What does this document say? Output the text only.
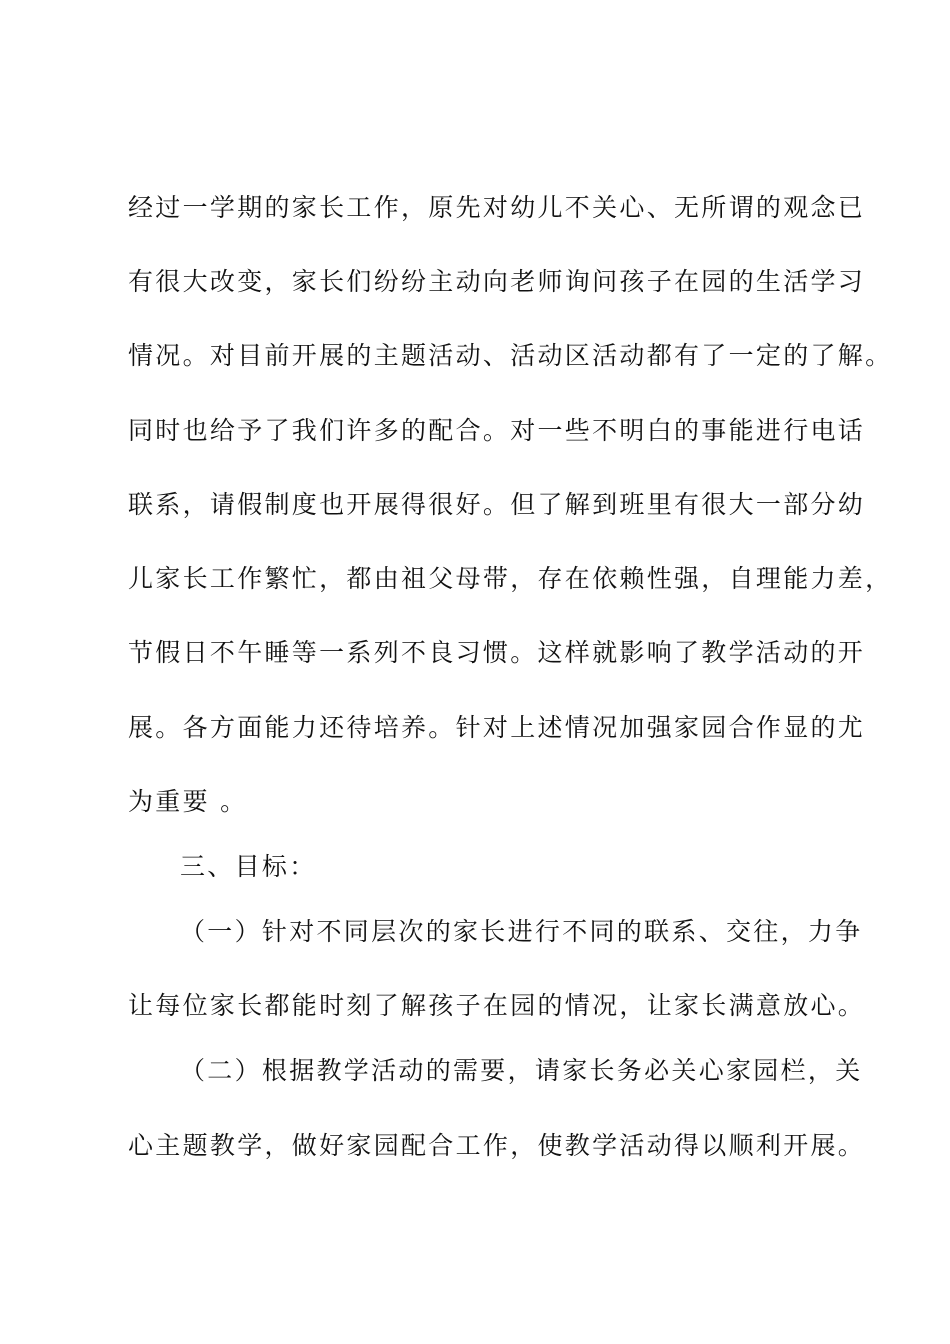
经过一学期的家长工作，原先对幼儿不关心、无所谓的观念已
有很大改变，家长们纷纷主动向老师询问孩子在园的生活学习
情况。对目前开展的主题活动、活动区活动都有了一定的了解。
同时也给予了我们许多的配合。对一些不明白的事能进行电话
联系，请假制度也开展得很好。但了解到班里有很大一部分幼
儿家长工作繁忙，都由祖父母带，存在依赖性强，自理能力差，
节假日不午睡等一系列不良习惯。这样就影响了教学活动的开
展。各方面能力还待培养。针对上述情况加强家园合作显的尤
为重要 。
三、目标：
（一）针对不同层次的家长进行不同的联系、交往，力争
让每位家长都能时刻了解孩子在园的情况，让家长满意放心。
（二）根据教学活动的需要，请家长务必关心家园栏，关
心主题教学，做好家园配合工作，使教学活动得以顺利开展。
